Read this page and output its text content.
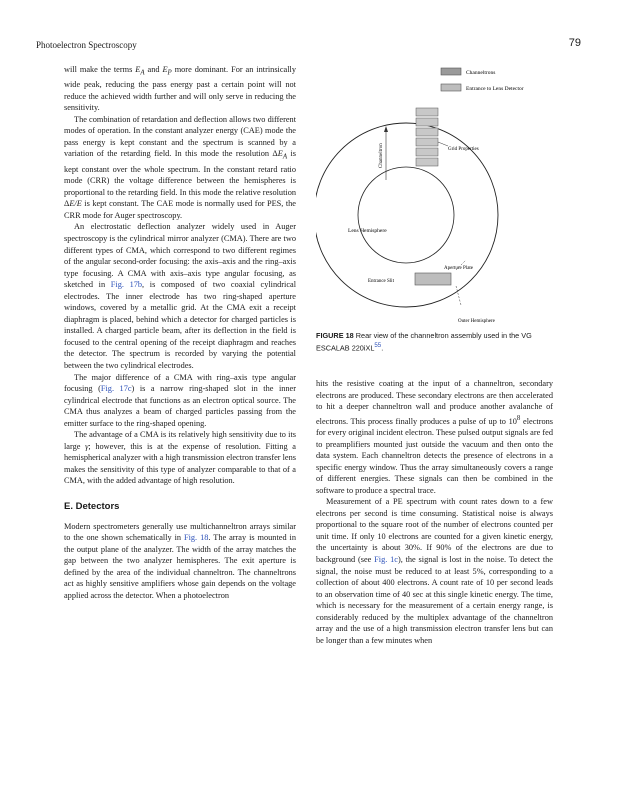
Photoelectron Spectroscopy	79

will make the terms $E_A$ and $E_P$ more dominant. For an intrinsically wide peak, reducing the pass energy past a certain point will not reduce the achieved width further and will only serve in reducing the sensitivity.

The combination of retardation and deflection allows two different modes of operation. In the constant analyzer energy (CAE) mode the pass energy is kept constant and the spectrum is scanned by a variation of the retarding field. In this mode the resolution $\Delta E_A$ is kept constant over the whole spectrum. In the constant retard ratio mode (CRR) the voltage difference between the hemispheres is proportional to the retarding field. In this mode the relative resolution ΔE/E is kept constant. The CAE mode is normally used for PES, the CRR mode for Auger spectroscopy.

An electrostatic deflection analyzer widely used in Auger spectroscopy is the cylindrical mirror analyzer (CMA). There are two different types of CMA, which correspond to two different regimes of the angular second-order focusing: the axis–axis and the ring–axis type focusing. A CMA with axis–axis type angular focusing, as sketched in Fig. 17b, is composed of two coaxial cylindrical electrodes. The inner electrode has two ring-shaped aperture windows, covered by a metallic grid. At the CMA exit a receipt diaphragm is placed, behind which a detector for charged particles is installed. A charged particle beam, after its deflection in the field is focused to the central opening of the receipt diaphragm and reaches the detector. The spectrum is recorded by varying the potential between the two cylindrical electrodes.

The major difference of a CMA with ring–axis type angular focusing (Fig. 17c) is a narrow ring-shaped slot in the inner cylindrical electrode that functions as an electron optical source. The CMA thus analyzes a beam of charged particles passing from the emitter surface to the ring-shaped opening.

The advantage of a CMA is its relatively high sensitivity due to its large γ; however, this is at the expense of resolution. Fitting a hemispherical analyzer with a high transmission electron transfer lens makes the sensitivity of this type of analyzer comparable to that of a CMA, with the added advantage of high resolution.

E. Detectors

Modern spectrometers generally use multichanneltron arrays similar to the one shown schematically in Fig. 18. The array is mounted in the output plane of the analyzer. The width of the array matches the gap between the two analyzer hemispheres. The exit aperture is defined by the area of the individual channeltron. The channeltrons act as highly sensitive amplifiers whose gain depends on the voltage applied across the detector. When a photoelectron

Channeltrons
Entrance to Lens Detector
Channeltron	Grid Properties
Lens Hemisphere
Aperture Plate
Entrance Slit
Outer Hemisphere
FIGURE 18 Rear view of the channeltron assembly used in the VG ESCALAB 220iXL$^{55}$.

hits the resistive coating at the input of a channeltron, secondary electrons are produced. These secondary electrons are then accelerated to hit a deeper channeltron wall and produce another avalanche of electrons. This process finally produces a pulse of up to $10^8$ electrons for every original incident electron. These pulsed output signals are fed to preamplifiers mounted just outside the vacuum and then onto the data system. Each channeltron detects the presence of electrons in a specific energy window. Thus the array simultaneously covers a range of different energies. These signals can then be combined in the software to produce a spectral trace.

Measurement of a PE spectrum with count rates down to a few electrons per second is time consuming. Statistical noise is always proportional to the square root of the number of electrons counted per unit time. If only 10 electrons are counted for a given kinetic energy, the uncertainty is about 30%. If 90% of the electrons are due to background (see Fig. 1c), the signal is lost in the noise. To detect the signal, the noise must be reduced to at least 5%, corresponding to a collection of about 400 electrons. A count rate of 10 per second leads to an observation time of 40 sec at this single kinetic energy. The time, which is necessary for the measurement of a certain energy range, is considerably reduced by the multiplex advantage of the channeltron array and the use of a high transmission electron transfer lens but can be longer than a few minutes when
